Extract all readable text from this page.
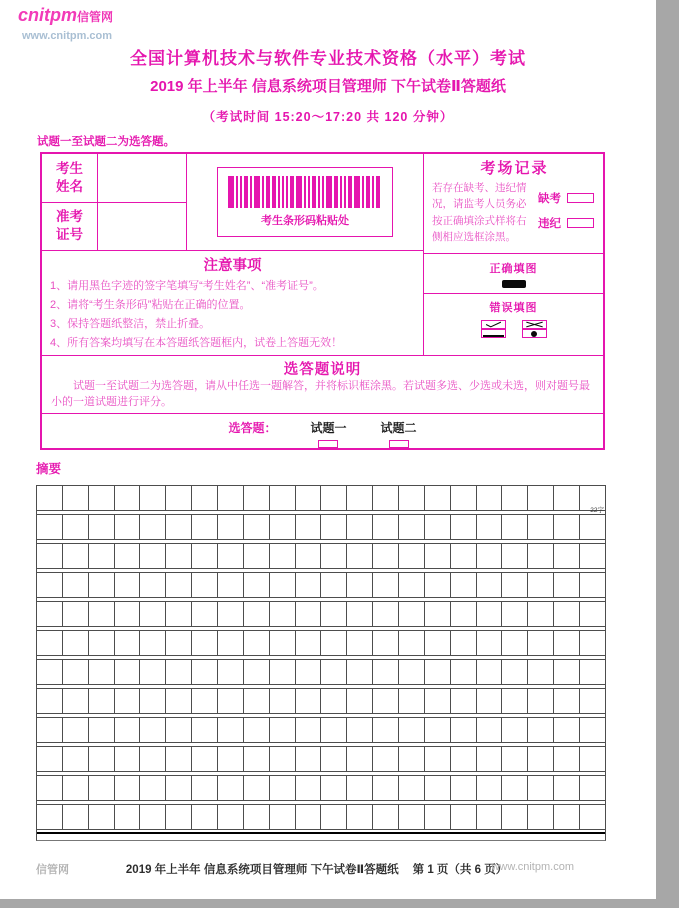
cnitpm信管网
www.cnitpm.com
全国计算机技术与软件专业技术资格（水平）考试
2019 年上半年 信息系统项目管理师 下午试卷Ⅱ答题纸
（考试时间 15:20～17:20 共 120 分钟）
试题一至试题二为选答题。
考生
姓名
准考
证号
考生条形码粘贴处
注意事项
1、请用黑色字迹的签字笔填写“考生姓名”、“准考证号”。
2、请将“考生条形码”粘贴在正确的位置。
3、保持答题纸整洁，禁止折叠。
4、所有答案均填写在本答题纸答题框内，试卷上答题无效！
考场记录
若存在缺考、违纪情况，请监考人员务必按正确填涂式样将右侧相应选框涂黑。
缺考
违纪
正确填图
错误填图
选答题说明
试题一至试题二为选答题，请从中任选一题解答，并将标识框涂黑。若试题多选、少选或未选，则对题号最小的一道试题进行评分。
选答题：	试题一	试题二
摘要
22字
信管网	2019 年上半年 信息系统项目管理师 下午试卷Ⅱ答题纸 第 1 页（共 6 页）
www.cnitpm.com
